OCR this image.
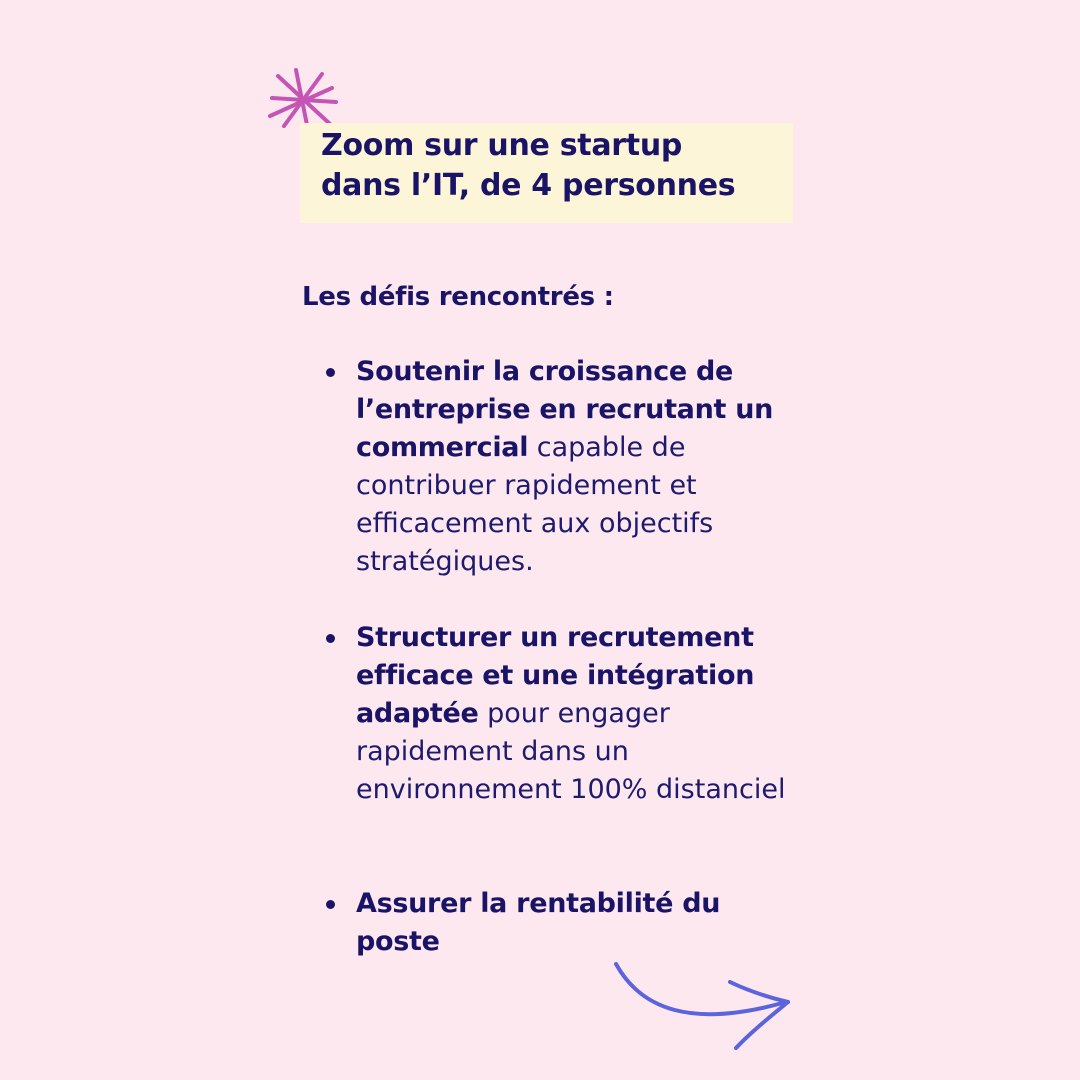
Zoom sur une startup
dans l’IT, de 4 personnes
Les défis rencontrés :
Soutenir la croissance de l’entreprise en recrutant un commercial capable de contribuer rapidement et efficacement aux objectifs stratégiques.
Structurer un recrutement efficace et une intégration adaptée pour engager rapidement dans un environnement 100% distanciel
Assurer la rentabilité du poste
